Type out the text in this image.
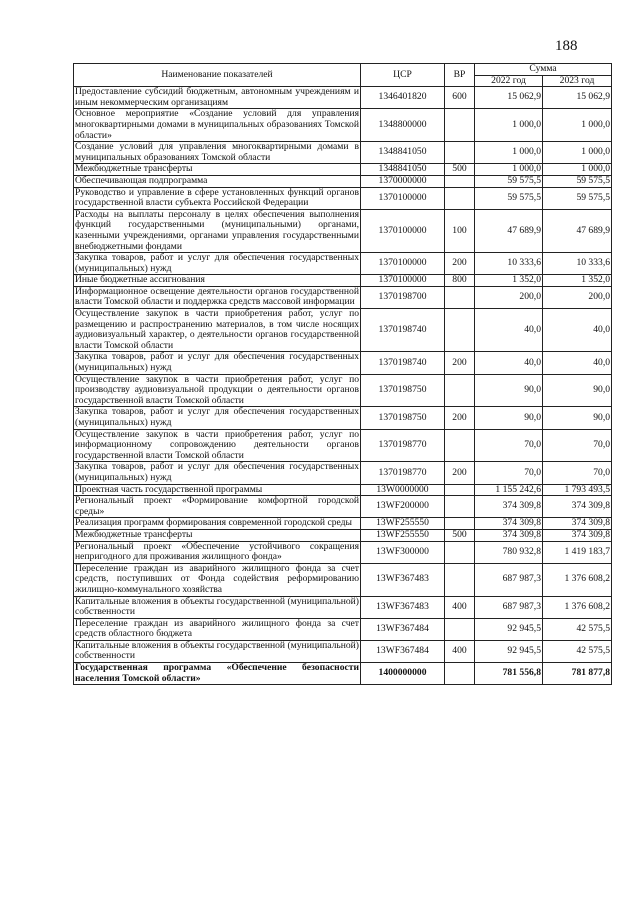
188
Наименование показателей	ЦСР	ВР	Сумма	
			2022 год	2023 год
Предоставление субсидий бюджетным, автономным учреждениям и иным некоммерческим организациям	1346401820	600	15 062,9	15 062,9
Основное мероприятие «Создание условий для управления многоквартирными домами в муниципальных образованиях Томской области»	1348800000		1 000,0	1 000,0
Создание условий для управления многоквартирными домами в муниципальных образованиях Томской области	1348841050		1 000,0	1 000,0
Межбюджетные трансферты	1348841050	500	1 000,0	1 000,0
Обеспечивающая подпрограмма	1370000000		59 575,5	59 575,5
Руководство и управление в сфере установленных функций органов государственной власти субъекта Российской Федерации	1370100000		59 575,5	59 575,5
Расходы на выплаты персоналу в целях обеспечения выполнения функций государственными (муниципальными) органами, казенными учреждениями, органами управления государственными внебюджетными фондами	1370100000	100	47 689,9	47 689,9
Закупка товаров, работ и услуг для обеспечения государственных (муниципальных) нужд	1370100000	200	10 333,6	10 333,6
Иные бюджетные ассигнования	1370100000	800	1 352,0	1 352,0
Информационное освещение деятельности органов государственной власти Томской области и поддержка средств массовой информации	1370198700		200,0	200,0
Осуществление закупок в части приобретения работ, услуг по размещению и распространению материалов, в том числе носящих аудиовизуальный характер, о деятельности органов государственной власти Томской области	1370198740		40,0	40,0
Закупка товаров, работ и услуг для обеспечения государственных (муниципальных) нужд	1370198740	200	40,0	40,0
Осуществление закупок в части приобретения работ, услуг по производству аудиовизуальной продукции о деятельности органов государственной власти Томской области	1370198750		90,0	90,0
Закупка товаров, работ и услуг для обеспечения государственных (муниципальных) нужд	1370198750	200	90,0	90,0
Осуществление закупок в части приобретения работ, услуг по информационному сопровождению деятельности органов государственной власти Томской области	1370198770		70,0	70,0
Закупка товаров, работ и услуг для обеспечения государственных (муниципальных) нужд	1370198770	200	70,0	70,0
Проектная часть государственной программы	13W0000000		1 155 242,6	1 793 493,5
Региональный проект «Формирование комфортной городской среды»	13WF200000		374 309,8	374 309,8
Реализация программ формирования современной городской среды	13WF255550		374 309,8	374 309,8
Межбюджетные трансферты	13WF255550	500	374 309,8	374 309,8
Региональный проект «Обеспечение устойчивого сокращения непригодного для проживания жилищного фонда»	13WF300000		780 932,8	1 419 183,7
Переселение граждан из аварийного жилищного фонда за счет средств, поступивших от Фонда содействия реформированию жилищно-коммунального хозяйства	13WF367483		687 987,3	1 376 608,2
Капитальные вложения в объекты государственной (муниципальной) собственности	13WF367483	400	687 987,3	1 376 608,2
Переселение граждан из аварийного жилищного фонда за счет средств областного бюджета	13WF367484		92 945,5	42 575,5
Капитальные вложения в объекты государственной (муниципальной) собственности	13WF367484	400	92 945,5	42 575,5
Государственная программа «Обеспечение безопасности населения Томской области»	1400000000		781 556,8	781 877,8
